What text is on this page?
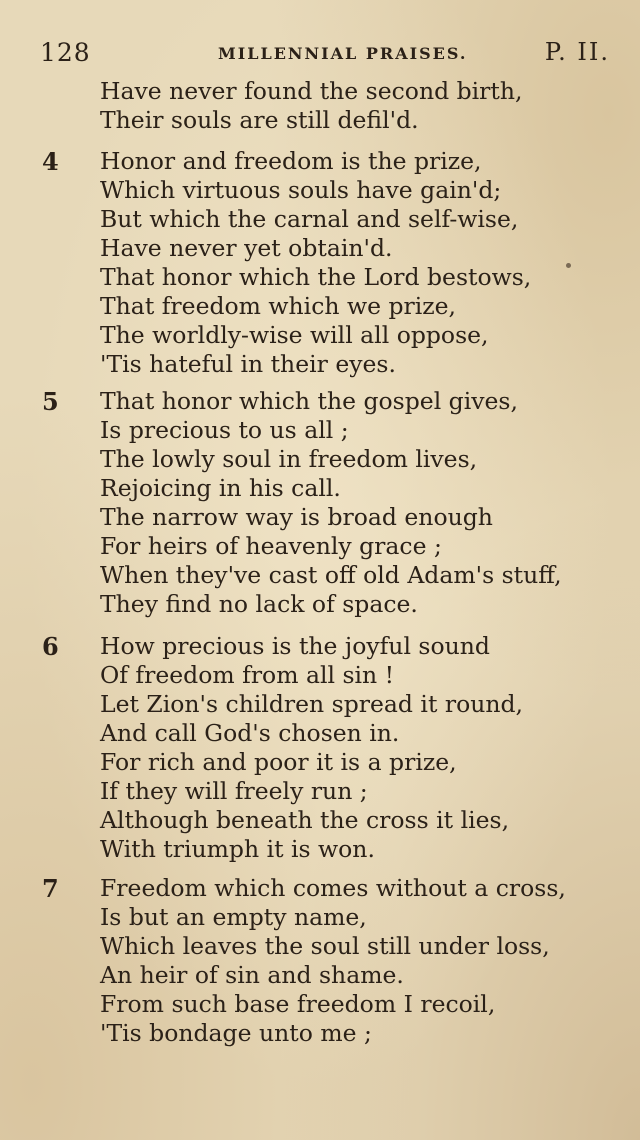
128	MILLENNIAL PRAISES.	P. II.
Have never found the second birth,
Their souls are still defil'd.
4 Honor and freedom is the prize,
Which virtuous souls have gain'd;
But which the carnal and self-wise,
Have never yet obtain'd.
That honor which the Lord bestows,
That freedom which we prize,
The worldly-wise will all oppose,
'Tis hateful in their eyes.
5 That honor which the gospel gives,
Is precious to us all ;
The lowly soul in freedom lives,
Rejoicing in his call.
The narrow way is broad enough
For heirs of heavenly grace ;
When they've cast off old Adam's stuff,
They find no lack of space.
6 How precious is the joyful sound
Of freedom from all sin !
Let Zion's children spread it round,
And call God's chosen in.
For rich and poor it is a prize,
If they will freely run ;
Although beneath the cross it lies,
With triumph it is won.
7 Freedom which comes without a cross,
Is but an empty name,
Which leaves the soul still under loss,
An heir of sin and shame.
From such base freedom I recoil,
'Tis bondage unto me ;
